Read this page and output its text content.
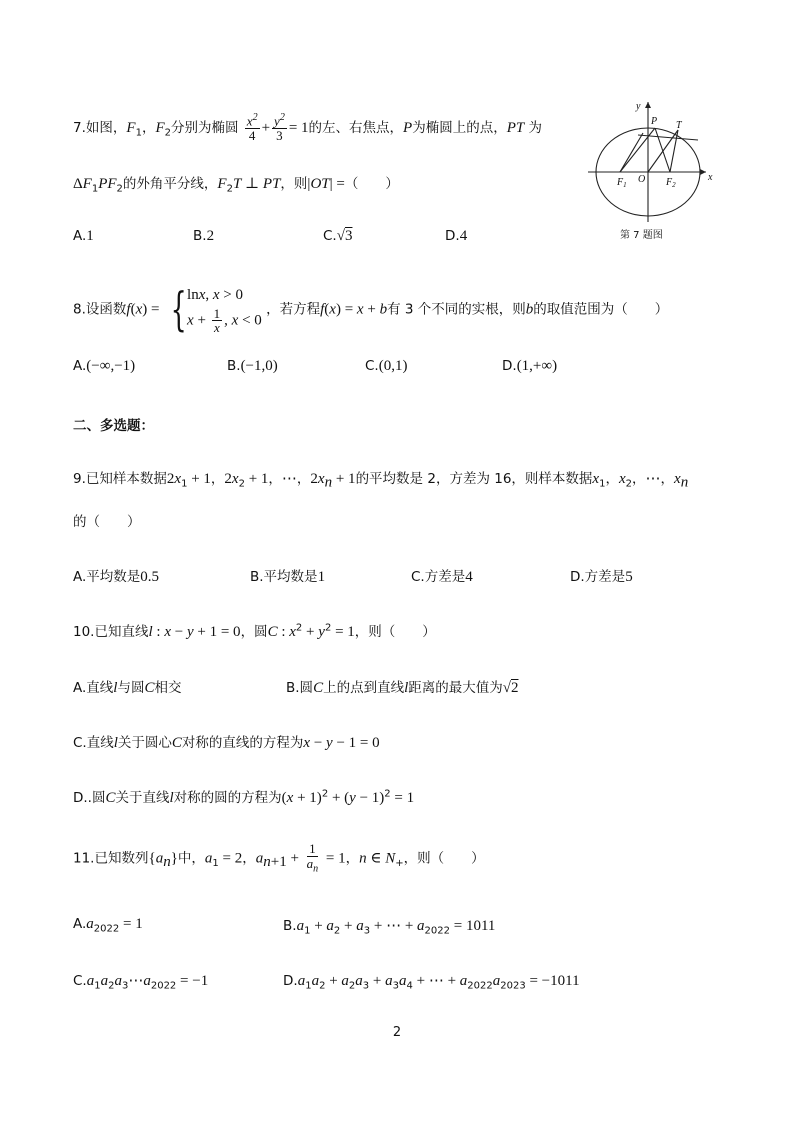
7.如图，$F_1$，$F_2$分别为椭圆 $\frac{x^2}{4} + \frac{y^2}{3} = 1$的左、右焦点，P为椭圆上的点，PT 为
$\Delta F_1PF_2$的外角平分线，$F_2T$ ⊥ PT，则|OT| =（　　）
A.1	B.2	C.√3	D.4
y
x
P T
O
$F_1$	$F_2$
第 7 题图
8.设函数f(x) = { lnx, x > 0
$x + \frac{1}{x}$ , x < 0
，若方程f(x) = x + b有 3 个不同的实根，则b的取值范围为（　　）
A.(−∞,−1)	B.(−1,0)	C.(0,1)	D.(1,+∞)
二、多选题：
9.已知样本数据$2x_1 + 1$，$2x_2 + 1$，⋯，$2x_n + 1$的平均数是 2，方差为 16，则样本数据$x_1$，$x_2$，⋯，$x_n$
的（　　）
A.平均数是0.5	B.平均数是1	C.方差是4	D.方差是5
10.已知直线l : x − y + 1 = 0，圆C : $x^2 + y^2 = 1$，则（　　）
A.直线l与圆C相交	B.圆C上的点到直线l距离的最大值为√2
C.直线l关于圆心C对称的直线的方程为x − y − 1 = 0
D..圆C关于直线l对称的圆的方程为$(x + 1)^2 + (y - 1)^2 = 1$
11.已知数列$\{a_n\}$中，$a_1 = 2$，$a_{n+1} + \frac{1}{a_n} = 1$，n ∈ $N_+$，则（　　）
$A.a_{2022} = 1$	$B.a_1 + a_2 + a_3$ + ⋯ + $a_{2022} = 1011$
$C.a_1a_2a_3\cdots a_{2022} = -1$	$D.a_1a_2 + a_2a_3 + a_3a_4$ + ⋯ + $a_{2022}a_{2023} = -1011$
2
